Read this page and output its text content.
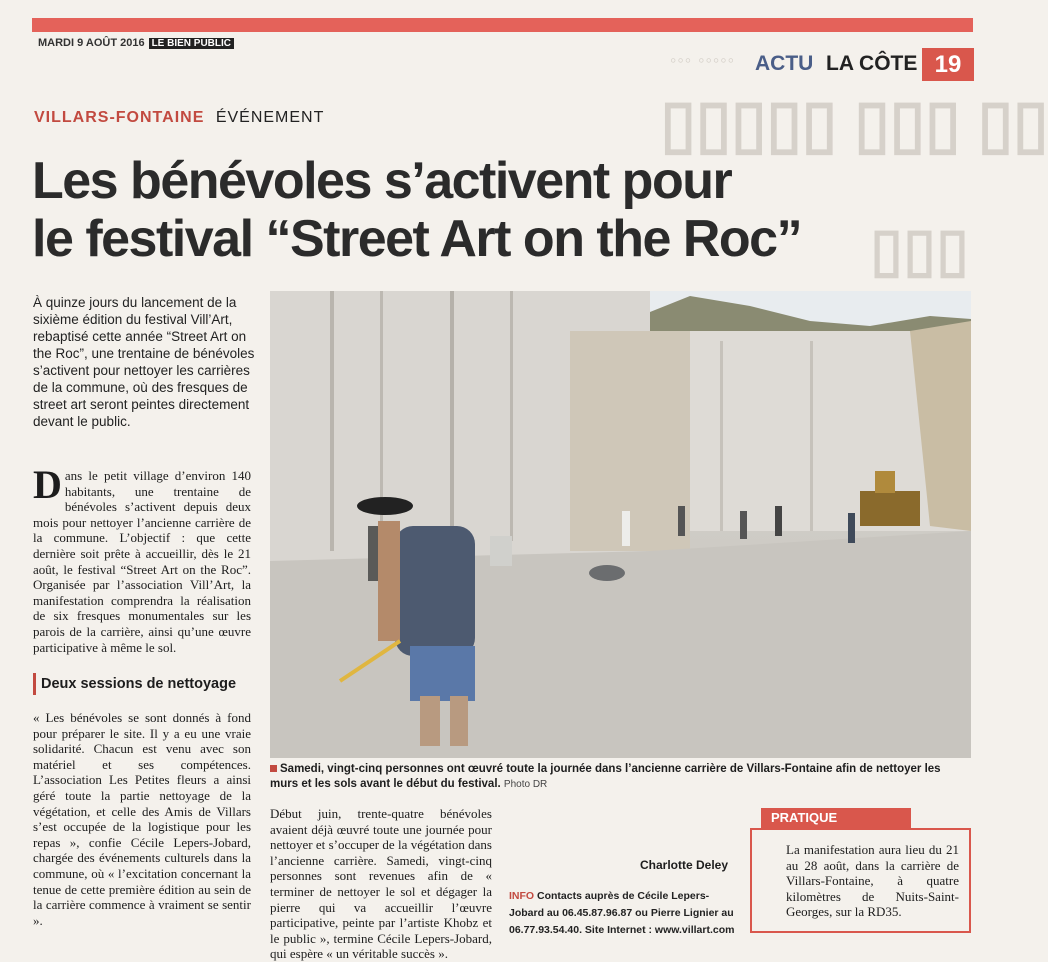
◦◦◦ ◦◦◦◦◦
▯▯▯▯▯ ▯▯▯ ▯▯
▯▯▯
MARDI 9 AOÛT 2016 LE BIEN PUBLIC
ACTU LA CÔTE 19
VILLARS-FONTAINE ÉVÉNEMENT
Les bénévoles s’activent pour
le festival “Street Art on the Roc”

À quinze jours du lancement de la sixième édition du festival Vill’Art, rebaptisé cette année “Street Art on the Roc”, une trentaine de bénévoles s’activent pour nettoyer les carrières de la commune, où des fresques de street art seront peintes directement devant le public.

Dans le petit village d’environ 140 habitants, une trentaine de bénévoles s’activent depuis deux mois pour nettoyer l’ancienne carrière de la commune. L’objectif : que cette dernière soit prête à accueillir, dès le 21 août, le festival “Street Art on the Roc”. Organisée par l’association Vill’Art, la manifestation comprendra la réalisation de six fresques monumentales sur les parois de la carrière, ainsi qu’une œuvre participative à même le sol.

Deux sessions de nettoyage

« Les bénévoles se sont donnés à fond pour préparer le site. Il y a eu une vraie solidarité. Chacun est venu avec son matériel et ses compétences. L’association Les Petites fleurs a ainsi géré toute la partie nettoyage de la végétation, et celle des Amis de Villars s’est occupée de la logistique pour les repas », confie Cécile Lepers-Jobard, chargée des événements culturels dans la commune, où « l’excitation concernant la tenue de cette première édition au sein de la carrière commence à vraiment se sentir ».

Samedi, vingt-cinq personnes ont œuvré toute la journée dans l’ancienne carrière de Villars-Fontaine afin de nettoyer les murs et les sols avant le début du festival. Photo DR

Début juin, trente-quatre bénévoles avaient déjà œuvré toute une journée pour nettoyer et s’occuper de la végétation dans l’ancienne carrière. Samedi, vingt-cinq personnes sont revenues afin de « terminer de nettoyer le sol et dégager la pierre qui va accueillir l’œuvre participative, peinte par l’artiste Khobz et le public », termine Cécile Lepers-Jobard, qui espère « un véritable succès ».

Charlotte Deley

INFO Contacts auprès de Cécile Lepers-Jobard au 06.45.87.96.87 ou Pierre Lignier au 06.77.93.54.40. Site Internet : www.villart.com

PRATIQUE

La manifestation aura lieu du 21 au 28 août, dans la carrière de Villars-Fontaine, à quatre kilomètres de Nuits-Saint-Georges, sur la RD35.
